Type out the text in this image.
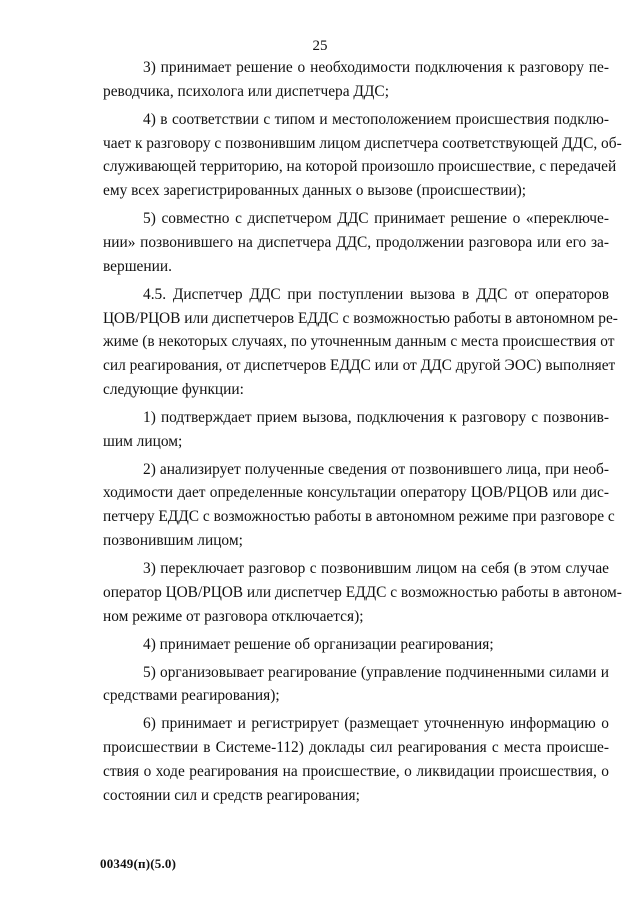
25

3) принимает решение о необходимости подключения к разговору пе-
реводчика, психолога или диспетчера ДДС;

4) в соответствии с типом и местоположением происшествия подклю-
чает к разговору с позвонившим лицом диспетчера соответствующей ДДС, об-
служивающей территорию, на которой произошло происшествие, с передачей
ему всех зарегистрированных данных о вызове (происшествии);

5) совместно с диспетчером ДДС принимает решение о «переключе-
нии» позвонившего на диспетчера ДДС, продолжении разговора или его за-
вершении.

4.5. Диспетчер ДДС при поступлении вызова в ДДС от операторов
ЦОВ/РЦОВ или диспетчеров ЕДДС с возможностью работы в автономном ре-
жиме (в некоторых случаях, по уточненным данным с места происшествия от
сил реагирования, от диспетчеров ЕДДС или от ДДС другой ЭОС) выполняет
следующие функции:

1) подтверждает прием вызова, подключения к разговору с позвонив-
шим лицом;

2) анализирует полученные сведения от позвонившего лица, при необ-
ходимости дает определенные консультации оператору ЦОВ/РЦОВ или дис-
петчеру ЕДДС с возможностью работы в автономном режиме при разговоре с
позвонившим лицом;

3) переключает разговор с позвонившим лицом на себя (в этом случае
оператор ЦОВ/РЦОВ или диспетчер ЕДДС с возможностью работы в автоном-
ном режиме от разговора отключается);

4) принимает решение об организации реагирования;

5) организовывает реагирование (управление подчиненными силами и
средствами реагирования);

6) принимает и регистрирует (размещает уточненную информацию о
происшествии в Системе-112) доклады сил реагирования с места происше-
ствия о ходе реагирования на происшествие, о ликвидации происшествия, о
состоянии сил и средств реагирования;

00349(п)(5.0)
